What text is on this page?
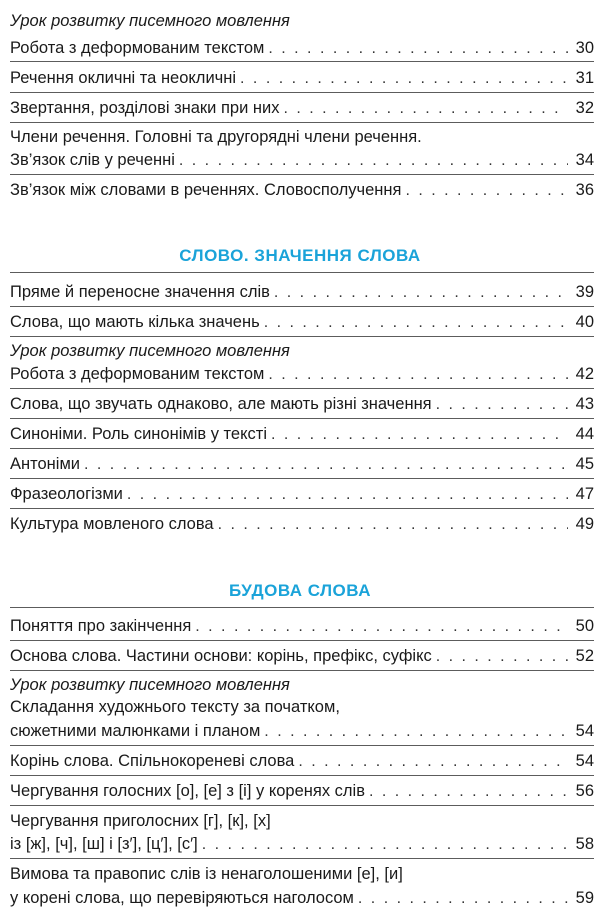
Урок розвитку писемного мовлення
Робота з деформованим текстом . . .	30
Речення окличні та неокличні . . .	31
Звертання, розділові знаки при них . . .	32
Члени речення. Головні та другорядні члени речення.
Зв’язок слів у реченні . . .	34
Зв’язок між словами в реченнях. Словосполучення . . .	36
СЛОВО. ЗНАЧЕННЯ СЛОВА
Пряме й переносне значення слів . . .	39
Слова, що мають кілька значень . . .	40
Урок розвитку писемного мовлення
Робота з деформованим текстом . . .	42
Слова, що звучать однаково, але мають різні значення . . .	43
Синоніми. Роль синонімів у тексті . . .	44
Антоніми . . .	45
Фразеологізми . . .	47
Культура мовленого слова . . .	49
БУДОВА СЛОВА
Поняття про закінчення . . .	50
Основа слова. Частини основи: корінь, префікс, суфікс . . .	52
Урок розвитку писемного мовлення
Складання художнього тексту за початком,
сюжетними малюнками і планом . . .	54
Корінь слова. Спільнокореневі слова . . .	54
Чергування голосних [о], [е] з [і] у коренях слів . . .	56
Чергування приголосних [г], [к], [х]
із [ж], [ч], [ш] і [з′], [ц′], [с′] . . .	58
Вимова та правопис слів із ненаголошеними [е], [и]
у корені слова, що перевіряються наголосом . . .	59
